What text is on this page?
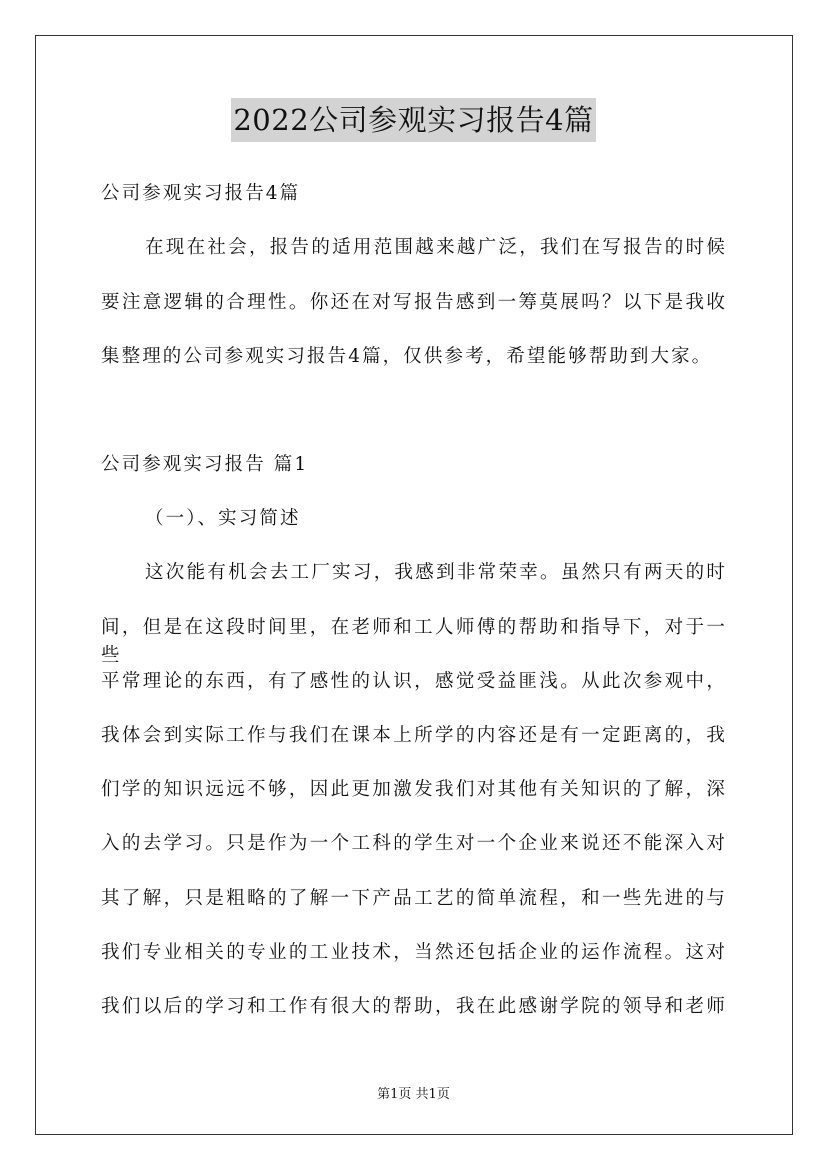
2022公司参观实习报告4篇
公司参观实习报告4篇
在现在社会，报告的适用范围越来越广泛，我们在写报告的时候
要注意逻辑的合理性。你还在对写报告感到一筹莫展吗？以下是我收
集整理的公司参观实习报告4篇，仅供参考，希望能够帮助到大家。
公司参观实习报告 篇1
（一）、实习简述
这次能有机会去工厂实习，我感到非常荣幸。虽然只有两天的时
间，但是在这段时间里，在老师和工人师傅的帮助和指导下，对于一些
平常理论的东西，有了感性的认识，感觉受益匪浅。从此次参观中，
我体会到实际工作与我们在课本上所学的内容还是有一定距离的，我
们学的知识远远不够，因此更加激发我们对其他有关知识的了解，深
入的去学习。只是作为一个工科的学生对一个企业来说还不能深入对
其了解，只是粗略的了解一下产品工艺的简单流程，和一些先进的与
我们专业相关的专业的工业技术，当然还包括企业的运作流程。这对
我们以后的学习和工作有很大的帮助，我在此感谢学院的领导和老师
第1页 共1页
